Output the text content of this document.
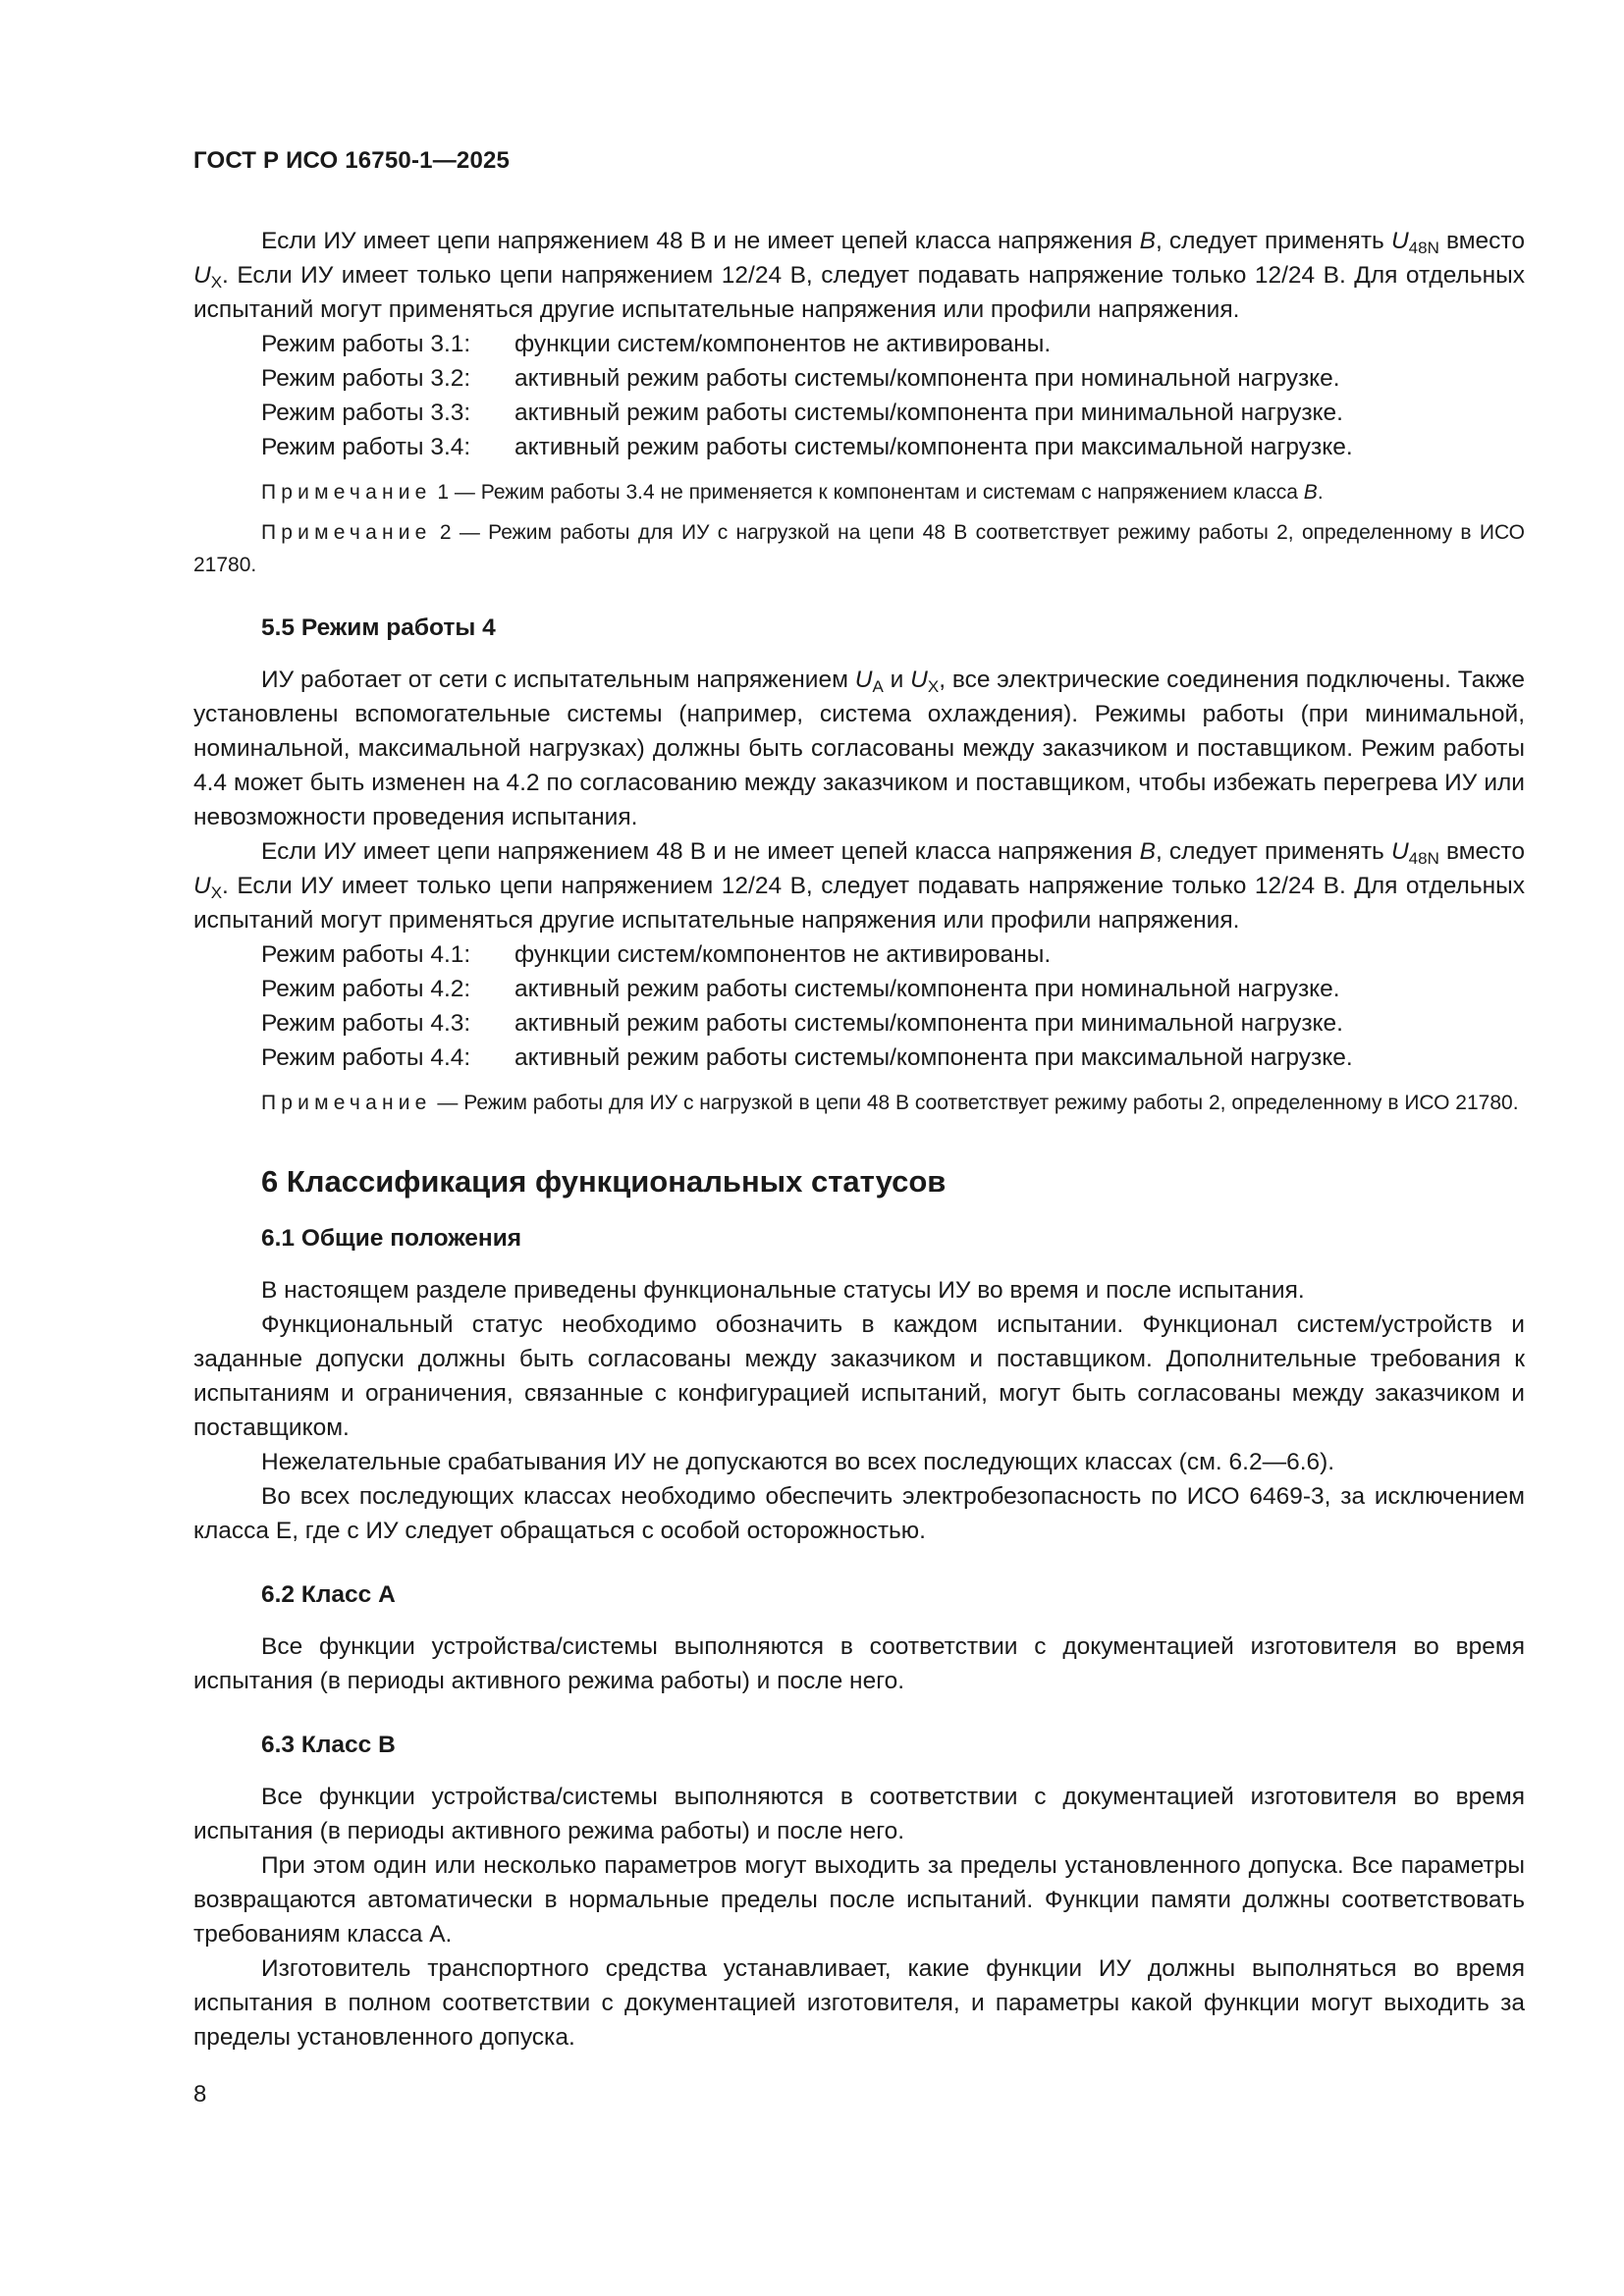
ГОСТ Р ИСО 16750-1—2025

Если ИУ имеет цепи напряжением 48 В и не имеет цепей класса напряжения B, следует применять $U_{48N}$ вместо $U_X$. Если ИУ имеет только цепи напряжением 12/24 В, следует подавать напряжение только 12/24 В. Для отдельных испытаний могут применяться другие испытательные напряжения или профили напряжения.

Режим работы 3.1: функции систем/компонентов не активированы.

Режим работы 3.2: активный режим работы системы/компонента при номинальной нагрузке.

Режим работы 3.3: активный режим работы системы/компонента при минимальной нагрузке.

Режим работы 3.4: активный режим работы системы/компонента при максимальной нагрузке.

Примечание 1 — Режим работы 3.4 не применяется к компонентам и системам с напряжением класса B.

Примечание 2 — Режим работы для ИУ с нагрузкой на цепи 48 В соответствует режиму работы 2, определенному в ИСО 21780.

5.5 Режим работы 4

ИУ работает от сети с испытательным напряжением $U_A$ и $U_X$, все электрические соединения подключены. Также установлены вспомогательные системы (например, система охлаждения). Режимы работы (при минимальной, номинальной, максимальной нагрузках) должны быть согласованы между заказчиком и поставщиком. Режим работы 4.4 может быть изменен на 4.2 по согласованию между заказчиком и поставщиком, чтобы избежать перегрева ИУ или невозможности проведения испытания.

Если ИУ имеет цепи напряжением 48 В и не имеет цепей класса напряжения B, следует применять $U_{48N}$ вместо $U_X$. Если ИУ имеет только цепи напряжением 12/24 В, следует подавать напряжение только 12/24 В. Для отдельных испытаний могут применяться другие испытательные напряжения или профили напряжения.

Режим работы 4.1: функции систем/компонентов не активированы.

Режим работы 4.2: активный режим работы системы/компонента при номинальной нагрузке.

Режим работы 4.3: активный режим работы системы/компонента при минимальной нагрузке.

Режим работы 4.4: активный режим работы системы/компонента при максимальной нагрузке.

Примечание — Режим работы для ИУ с нагрузкой в цепи 48 В соответствует режиму работы 2, определенному в ИСО 21780.

6 Классификация функциональных статусов
6.1 Общие положения

В настоящем разделе приведены функциональные статусы ИУ во время и после испытания.

Функциональный статус необходимо обозначить в каждом испытании. Функционал систем/устройств и заданные допуски должны быть согласованы между заказчиком и поставщиком. Дополнительные требования к испытаниям и ограничения, связанные с конфигурацией испытаний, могут быть согласованы между заказчиком и поставщиком.

Нежелательные срабатывания ИУ не допускаются во всех последующих классах (см. 6.2—6.6).

Во всех последующих классах необходимо обеспечить электробезопасность по ИСО 6469-3, за исключением класса Е, где с ИУ следует обращаться с особой осторожностью.

6.2 Класс А

Все функции устройства/системы выполняются в соответствии с документацией изготовителя во время испытания (в периоды активного режима работы) и после него.

6.3 Класс В

Все функции устройства/системы выполняются в соответствии с документацией изготовителя во время испытания (в периоды активного режима работы) и после него.

При этом один или несколько параметров могут выходить за пределы установленного допуска. Все параметры возвращаются автоматически в нормальные пределы после испытаний. Функции памяти должны соответствовать требованиям класса А.

Изготовитель транспортного средства устанавливает, какие функции ИУ должны выполняться во время испытания в полном соответствии с документацией изготовителя, и параметры какой функции могут выходить за пределы установленного допуска.

8
